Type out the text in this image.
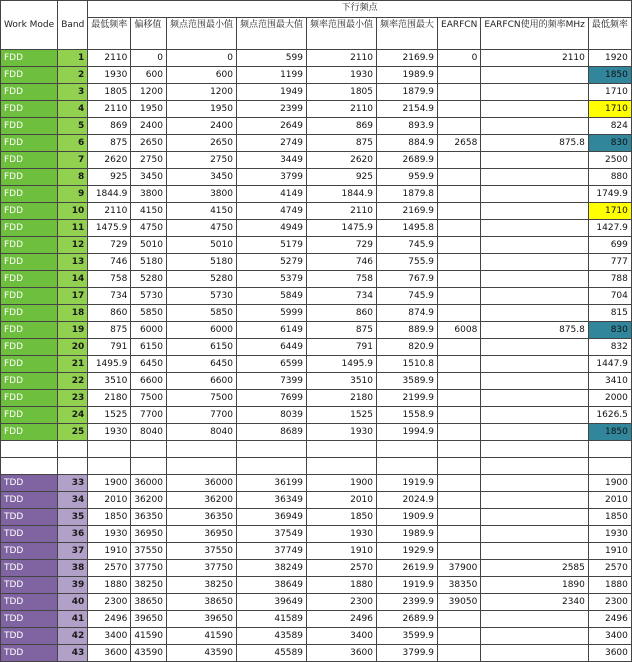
Work Mode	Band	下行频点								
		最低频率	偏移值	频点范围最小值	频点范围最大值	频率范围最小值	频率范围最大	EARFCN	EARFCN使用的频率MHz	最低频率
FDD	1	2110	0	0	599	2110	2169.9	0	2110	1920
FDD	2	1930	600	600	1199	1930	1989.9			1850
FDD	3	1805	1200	1200	1949	1805	1879.9			1710
FDD	4	2110	1950	1950	2399	2110	2154.9			1710
FDD	5	869	2400	2400	2649	869	893.9			824
FDD	6	875	2650	2650	2749	875	884.9	2658	875.8	830
FDD	7	2620	2750	2750	3449	2620	2689.9			2500
FDD	8	925	3450	3450	3799	925	959.9			880
FDD	9	1844.9	3800	3800	4149	1844.9	1879.8			1749.9
FDD	10	2110	4150	4150	4749	2110	2169.9			1710
FDD	11	1475.9	4750	4750	4949	1475.9	1495.8			1427.9
FDD	12	729	5010	5010	5179	729	745.9			699
FDD	13	746	5180	5180	5279	746	755.9			777
FDD	14	758	5280	5280	5379	758	767.9			788
FDD	17	734	5730	5730	5849	734	745.9			704
FDD	18	860	5850	5850	5999	860	874.9			815
FDD	19	875	6000	6000	6149	875	889.9	6008	875.8	830
FDD	20	791	6150	6150	6449	791	820.9			832
FDD	21	1495.9	6450	6450	6599	1495.9	1510.8			1447.9
FDD	22	3510	6600	6600	7399	3510	3589.9			3410
FDD	23	2180	7500	7500	7699	2180	2199.9			2000
FDD	24	1525	7700	7700	8039	1525	1558.9			1626.5
FDD	25	1930	8040	8040	8689	1930	1994.9			1850

TDD	33	1900	36000	36000	36199	1900	1919.9			1900
TDD	34	2010	36200	36200	36349	2010	2024.9			2010
TDD	35	1850	36350	36350	36949	1850	1909.9			1850
TDD	36	1930	36950	36950	37549	1930	1989.9			1930
TDD	37	1910	37550	37550	37749	1910	1929.9			1910
TDD	38	2570	37750	37750	38249	2570	2619.9	37900	2585	2570
TDD	39	1880	38250	38250	38649	1880	1919.9	38350	1890	1880
TDD	40	2300	38650	38650	39649	2300	2399.9	39050	2340	2300
TDD	41	2496	39650	39650	41589	2496	2689.9			2496
TDD	42	3400	41590	41590	43589	3400	3599.9			3400
TDD	43	3600	43590	43590	45589	3600	3799.9			3600
